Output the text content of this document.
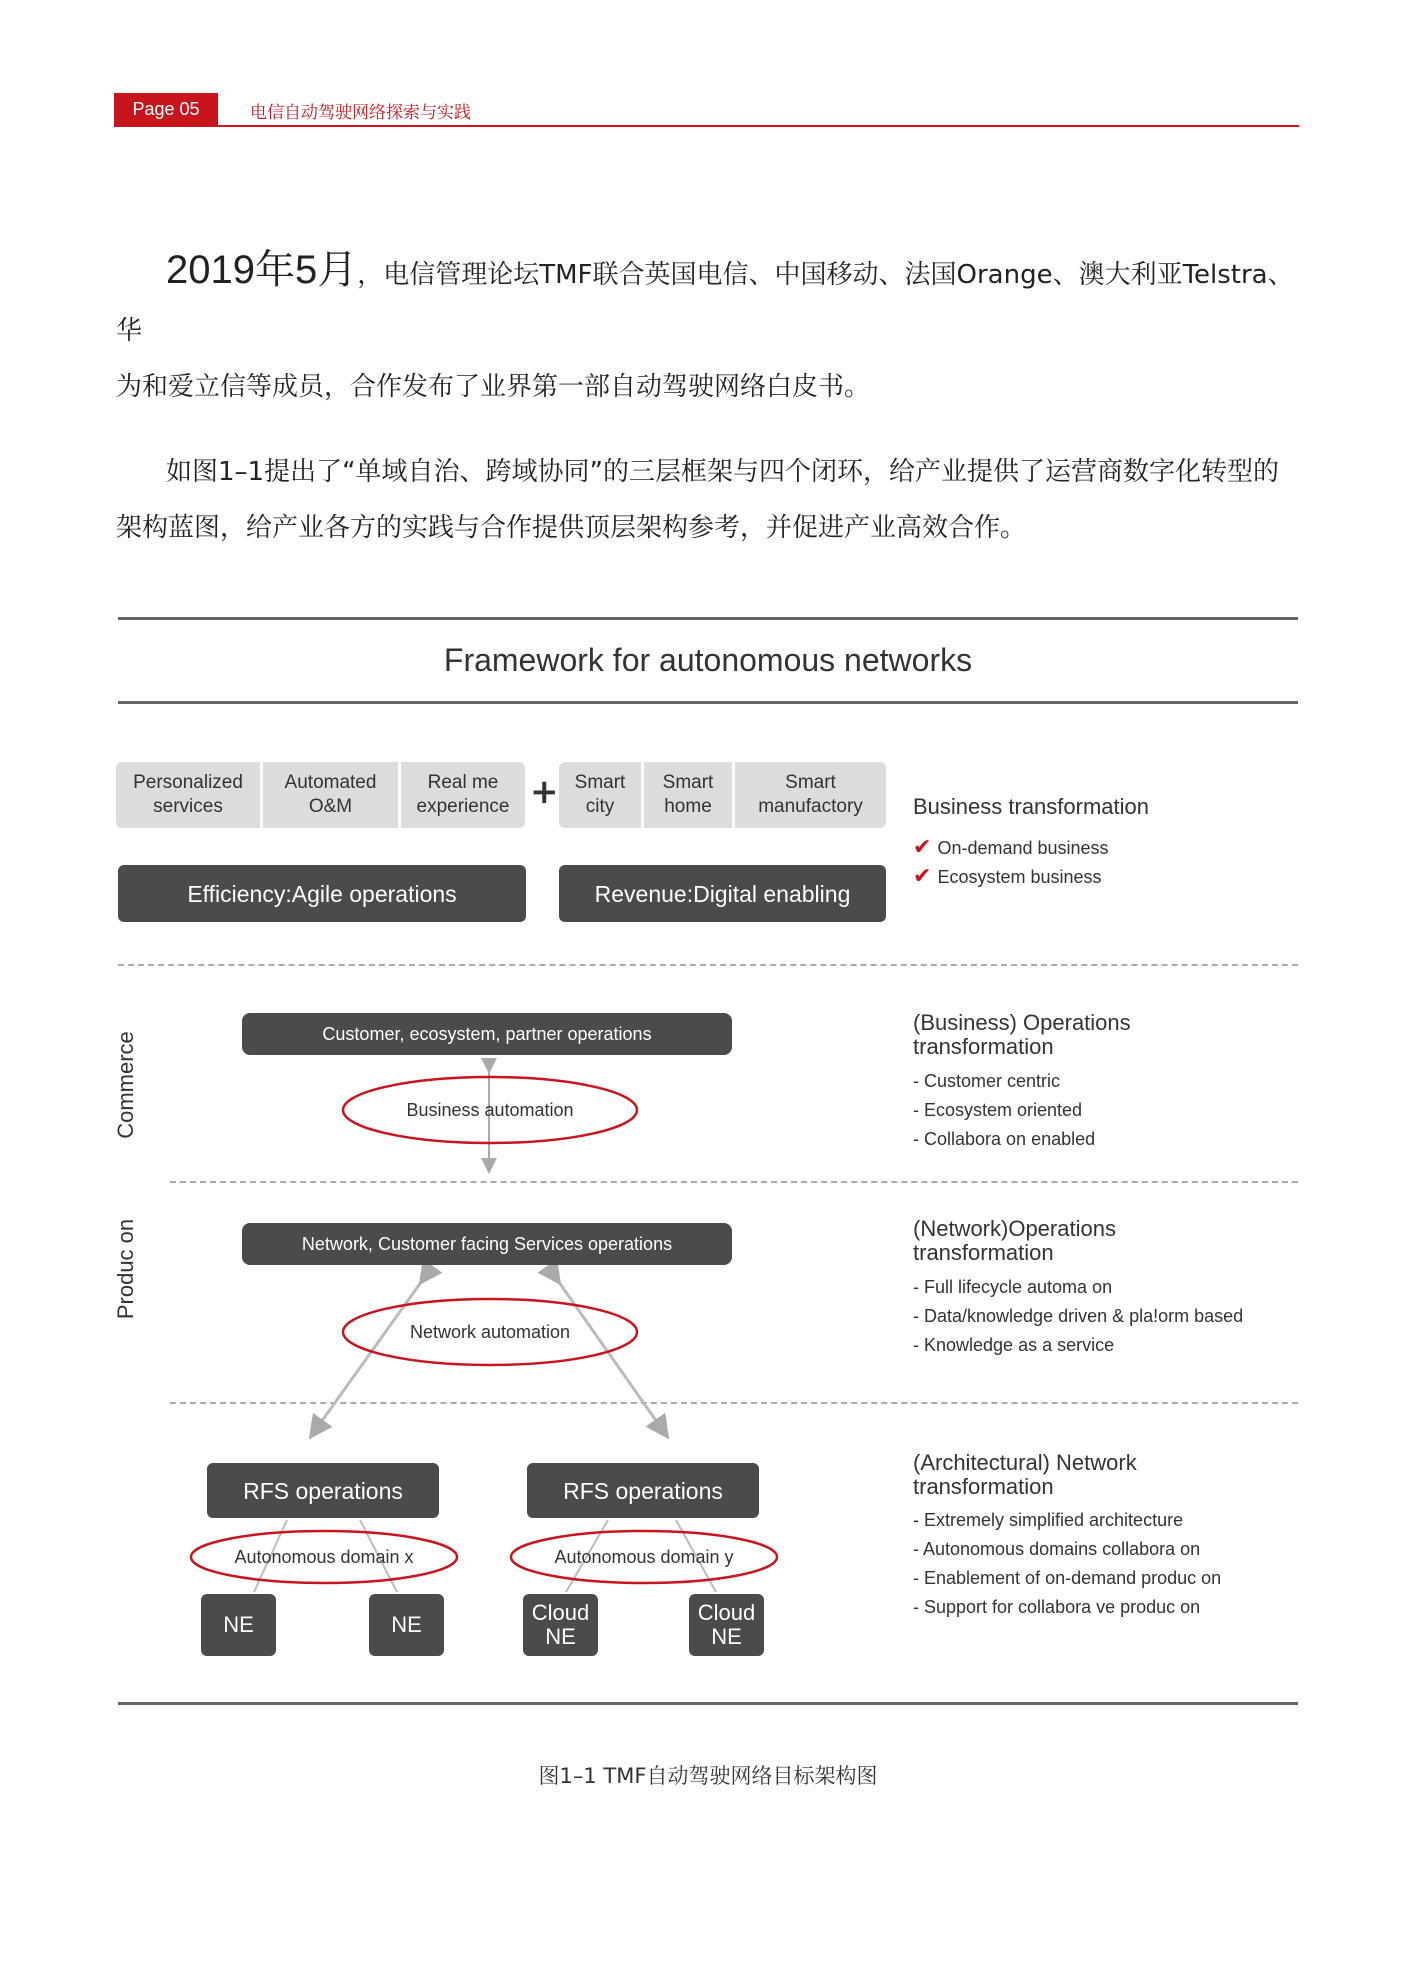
Page 05	电信自动驾驶网络探索与实践
2019年5月，电信管理论坛TMF联合英国电信、中国移动、法国Orange、澳大利亚Telstra、华
为和爱立信等成员，合作发布了业界第一部自动驾驶网络白皮书。
如图1–1提出了“单域自治、跨域协同”的三层框架与四个闭环，给产业提供了运营商数字化转型的
架构蓝图，给产业各方的实践与合作提供顶层架构参考，并促进产业高效合作。
Framework for autonomous networks
Personalized services
Automated O&M
Real me experience + Smart city
Smart home
Smart manufactory
Efficiency:Agile operations	Revenue:Digital enabling
Business transformation
✔ On-demand business
✔ Ecosystem business
Commerce
Produc on
Customer, ecosystem, partner operations
Business automation
(Business) Operations transformation
- Customer centric
- Ecosystem oriented
- Collabora on enabled
Network, Customer facing Services operations
Network automation
(Network)Operations transformation
- Full lifecycle automa on
- Data/knowledge driven & pla!orm based
- Knowledge as a service
RFS operations	RFS operations
Autonomous domain x	Autonomous domain y
NE	NE	Cloud NE
Cloud NE
(Architectural) Network transformation
- Extremely simplified architecture
- Autonomous domains collabora on
- Enablement of on-demand produc on
- Support for collabora ve produc on
图1–1 TMF自动驾驶网络目标架构图
